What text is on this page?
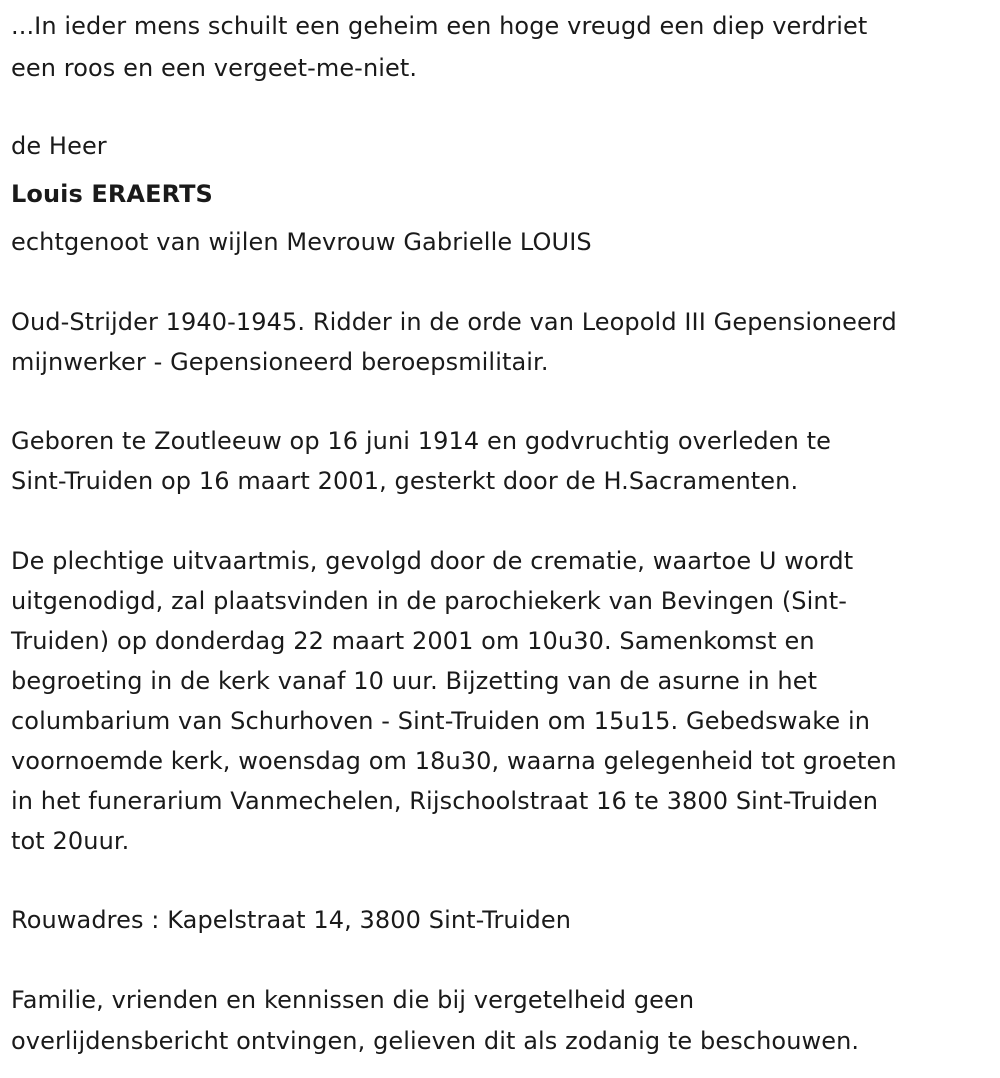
...In ieder mens schuilt een geheim een hoge vreugd een diep verdriet
een roos en een vergeet-me-niet.
de Heer
Louis ERAERTS
echtgenoot van wijlen Mevrouw Gabrielle LOUIS
Oud-Strijder 1940-1945. Ridder in de orde van Leopold III Gepensioneerd
mijnwerker - Gepensioneerd beroepsmilitair.
Geboren te Zoutleeuw op 16 juni 1914 en godvruchtig overleden te
Sint-Truiden op 16 maart 2001, gesterkt door de H.Sacramenten.
De plechtige uitvaartmis, gevolgd door de crematie, waartoe U wordt
uitgenodigd, zal plaatsvinden in de parochiekerk van Bevingen (Sint-
Truiden) op donderdag 22 maart 2001 om 10u30. Samenkomst en
begroeting in de kerk vanaf 10 uur. Bijzetting van de asurne in het
columbarium van Schurhoven - Sint-Truiden om 15u15. Gebedswake in
voornoemde kerk, woensdag om 18u30, waarna gelegenheid tot groeten
in het funerarium Vanmechelen, Rijschoolstraat 16 te 3800 Sint-Truiden
tot 20uur.
Rouwadres : Kapelstraat 14, 3800 Sint-Truiden
Familie, vrienden en kennissen die bij vergetelheid geen
overlijdensbericht ontvingen, gelieven dit als zodanig te beschouwen.
